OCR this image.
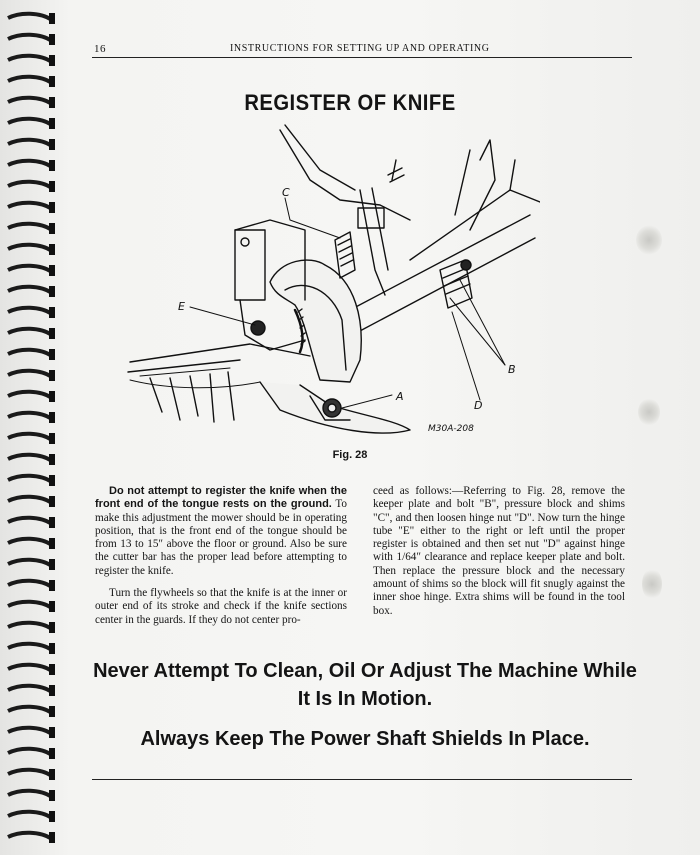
16	INSTRUCTIONS FOR SETTING UP AND OPERATING
REGISTER OF KNIFE
C
E
A
B
D
M30A-208
Fig. 28

Do not attempt to register the knife when the front end of the tongue rests on the ground. To make this adjustment the mower should be in operating position, that is the front end of the tongue should be from 13 to 15″ above the floor or ground. Also be sure the cutter bar has the proper lead before attempting to register the knife.

Turn the flywheels so that the knife is at the inner or outer end of its stroke and check if the knife sections center in the guards. If they do not center pro-

ceed as follows:—Referring to Fig. 28, remove the keeper plate and bolt "B", pressure block and shims "C", and then loosen hinge nut "D". Now turn the hinge tube "E" either to the right or left until the proper register is obtained and then set nut "D" against hinge with 1/64″ clearance and replace keeper plate and bolt. Then replace the pressure block and the necessary amount of shims so the block will fit snugly against the inner shoe hinge. Extra shims will be found in the tool box.

Never Attempt To Clean, Oil Or Adjust The Machine While
It Is In Motion.
Always Keep The Power Shaft Shields In Place.
